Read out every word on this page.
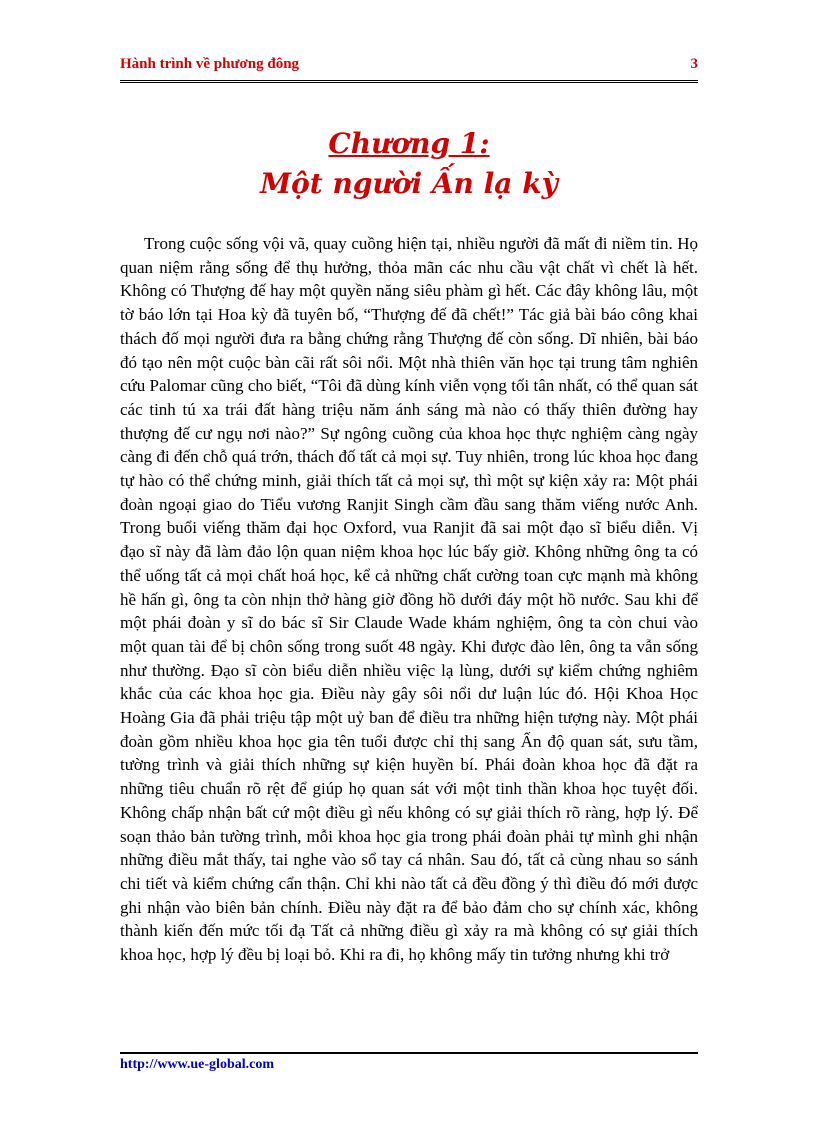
Hành trình về phương đông	3
Chương 1:
Một người Ấn lạ kỳ

Trong cuộc sống vội vã, quay cuồng hiện tại, nhiều người đã mất đi niềm tin. Họ quan niệm rằng sống để thụ hưởng, thỏa mãn các nhu cầu vật chất vì chết là hết. Không có Thượng đế hay một quyền năng siêu phàm gì hết. Các đây không lâu, một tờ báo lớn tại Hoa kỳ đã tuyên bố, “Thượng đế đã chết!” Tác giả bài báo công khai thách đố mọi người đưa ra bằng chứng rằng Thượng đế còn sống. Dĩ nhiên, bài báo đó tạo nên một cuộc bàn cãi rất sôi nổi. Một nhà thiên văn học tại trung tâm nghiên cứu Palomar cũng cho biết, “Tôi đã dùng kính viễn vọng tối tân nhất, có thể quan sát các tinh tú xa trái đất hàng triệu năm ánh sáng mà nào có thấy thiên đường hay thượng đế cư ngụ nơi nào?” Sự ngông cuồng của khoa học thực nghiệm càng ngày càng đi đến chỗ quá trớn, thách đố tất cả mọi sự. Tuy nhiên, trong lúc khoa học đang tự hào có thể chứng minh, giải thích tất cả mọi sự, thì một sự kiện xảy ra: Một phái đoàn ngoại giao do Tiểu vương Ranjit Singh cầm đầu sang thăm viếng nước Anh. Trong buổi viếng thăm đại học Oxford, vua Ranjit đã sai một đạo sĩ biểu diễn. Vị đạo sĩ này đã làm đảo lộn quan niệm khoa học lúc bấy giờ. Không những ông ta có thể uống tất cả mọi chất hoá học, kể cả những chất cường toan cực mạnh mà không hề hấn gì, ông ta còn nhịn thở hàng giờ đồng hồ dưới đáy một hồ nước. Sau khi để một phái đoàn y sĩ do bác sĩ Sir Claude Wade khám nghiệm, ông ta còn chui vào một quan tài để bị chôn sống trong suốt 48 ngày. Khi được đào lên, ông ta vẫn sống như thường. Đạo sĩ còn biểu diễn nhiều việc lạ lùng, dưới sự kiểm chứng nghiêm khắc của các khoa học gia. Điều này gây sôi nổi dư luận lúc đó. Hội Khoa Học Hoàng Gia đã phải triệu tập một uỷ ban để điều tra những hiện tượng này. Một phái đoàn gồm nhiều khoa học gia tên tuổi được chỉ thị sang Ấn độ quan sát, sưu tầm, tường trình và giải thích những sự kiện huyền bí. Phái đoàn khoa học đã đặt ra những tiêu chuẩn rõ rệt để giúp họ quan sát với một tinh thần khoa học tuyệt đối. Không chấp nhận bất cứ một điều gì nếu không có sự giải thích rõ ràng, hợp lý. Để soạn thảo bản tường trình, mỗi khoa học gia trong phái đoàn phải tự mình ghi nhận những điều mắt thấy, tai nghe vào sổ tay cá nhân. Sau đó, tất cả cùng nhau so sánh chi tiết và kiểm chứng cẩn thận. Chỉ khi nào tất cả đều đồng ý thì điều đó mới được ghi nhận vào biên bản chính. Điều này đặt ra để bảo đảm cho sự chính xác, không thành kiến đến mức tối đạ Tất cả những điều gì xảy ra mà không có sự giải thích khoa học, hợp lý đều bị loại bỏ. Khi ra đi, họ không mấy tin tưởng nhưng khi trở

http://www.ue-global.com
